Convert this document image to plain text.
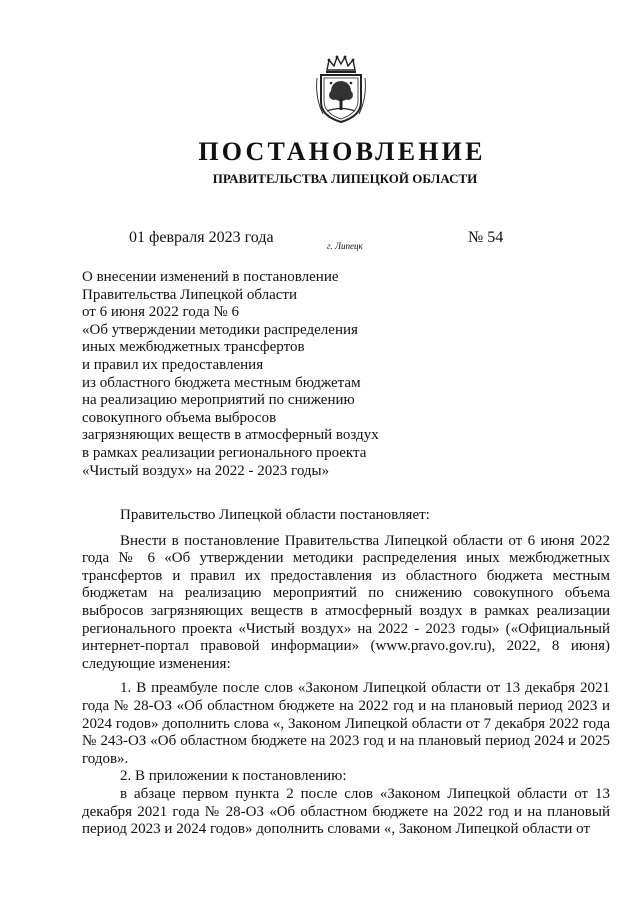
ПОСТАНОВЛЕНИЕ
ПРАВИТЕЛЬСТВА ЛИПЕЦКОЙ ОБЛАСТИ
01 февраля 2023 года	г. Липецк	№ 54
О внесении изменений в постановление
Правительства Липецкой области
от 6 июня 2022 года № 6
«Об утверждении методики распределения
иных межбюджетных трансфертов
и правил их предоставления
из областного бюджета местным бюджетам
на реализацию мероприятий по снижению
совокупного объема выбросов
загрязняющих веществ в атмосферный воздух
в рамках реализации регионального проекта
«Чистый воздух» на 2022 - 2023 годы»

Правительство Липецкой области постановляет:

Внести в постановление Правительства Липецкой области от 6 июня 2022 года № 6 «Об утверждении методики распределения иных межбюджетных трансфертов и правил их предоставления из областного бюджета местным бюджетам на реализацию мероприятий по снижению совокупного объема выбросов загрязняющих веществ в атмосферный воздух в рамках реализации регионального проекта «Чистый воздух» на 2022 - 2023 годы» («Официальный интернет-портал правовой информации» (www.pravo.gov.ru), 2022, 8 июня) следующие изменения:

1. В преамбуле после слов «Законом Липецкой области от 13 декабря 2021 года № 28-ОЗ «Об областном бюджете на 2022 год и на плановый период 2023 и 2024 годов» дополнить слова «, Законом Липецкой области от 7 декабря 2022 года № 243-ОЗ «Об областном бюджете на 2023 год и на плановый период 2024 и 2025 годов».

2. В приложении к постановлению:

в абзаце первом пункта 2 после слов «Законом Липецкой области от 13 декабря 2021 года № 28-ОЗ «Об областном бюджете на 2022 год и на плановый период 2023 и 2024 годов» дополнить словами «, Законом Липецкой области от
